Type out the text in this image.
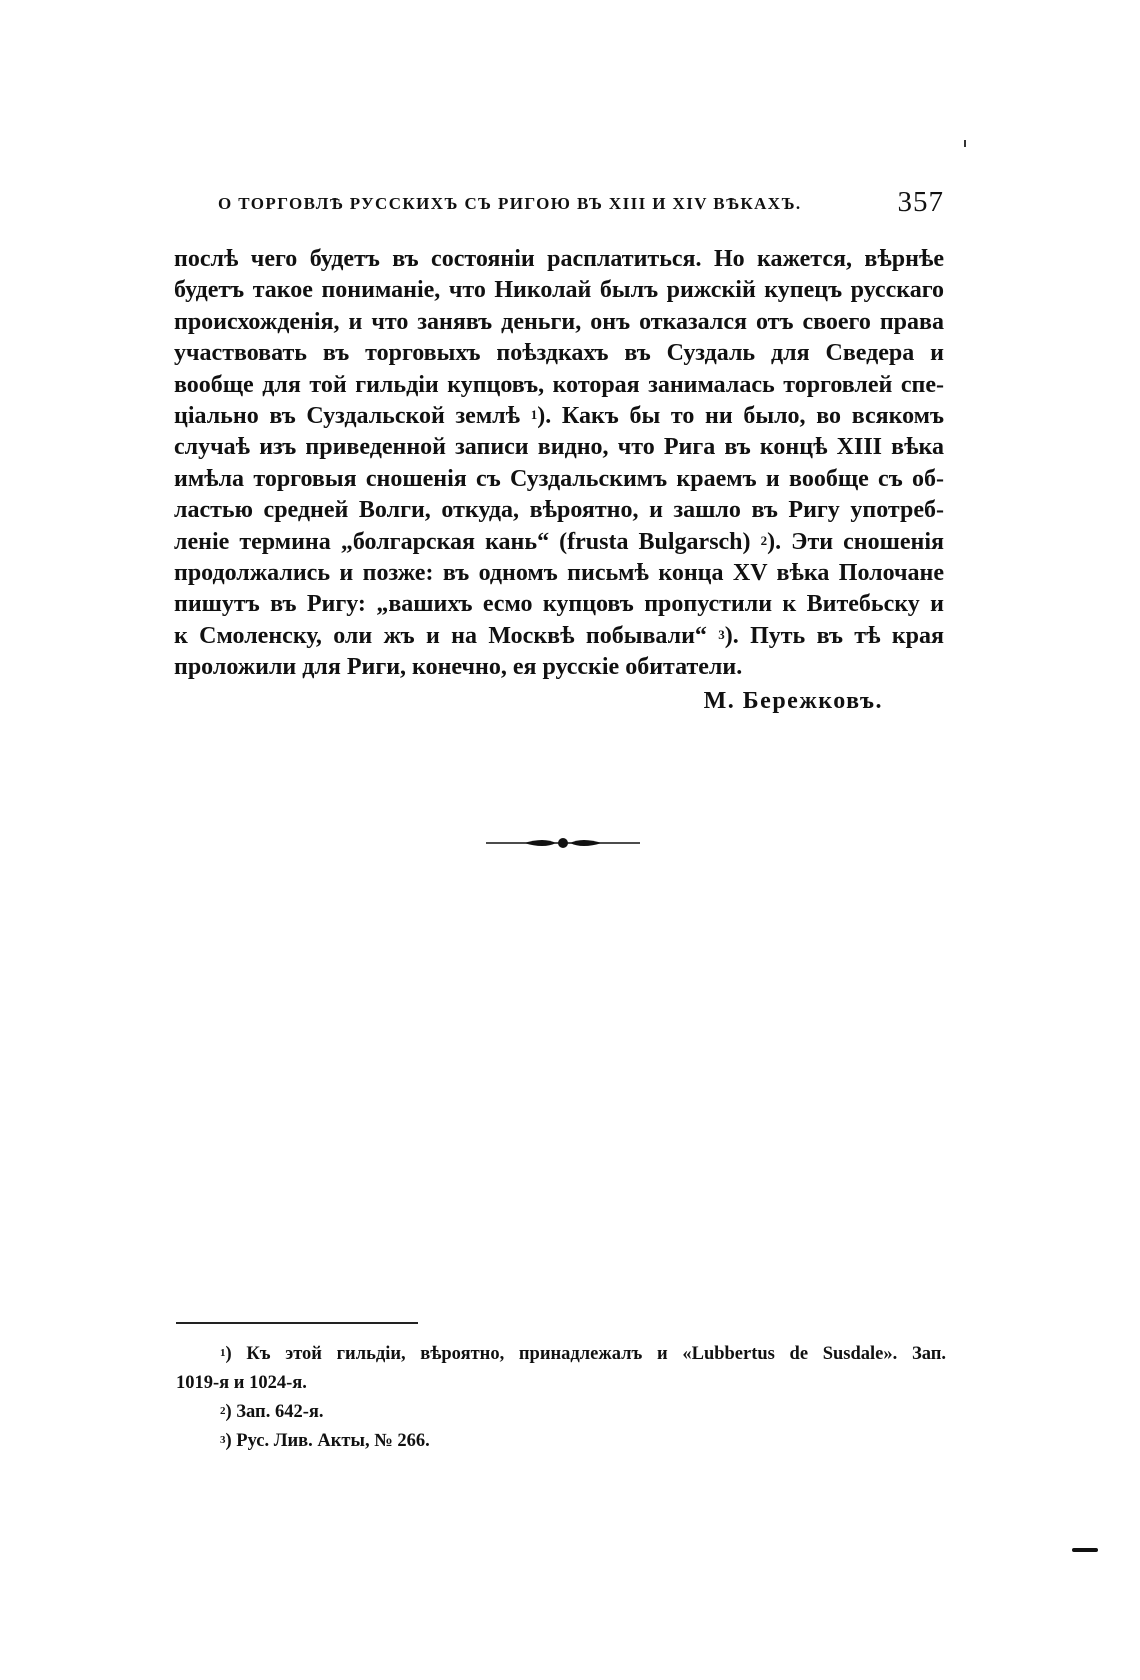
О ТОРГОВЛѢ РУССКИХЪ СЪ РИГОЮ ВЪ XIII И XIV ВѢКАХЪ.	357
послѣ чего будетъ въ состоянiи расплатиться. Но кажется, вѣрнѣе
будетъ такое пониманiе, что Николай былъ рижскiй купецъ русскаго
происхожденiя, и что занявъ деньги, онъ отказался отъ своего права
участвовать въ торговыхъ поѣздкахъ въ Суздаль для Сведера и
вообще для той гильдiи купцовъ, которая занималась торговлей спе-
цiально въ Суздальской землѣ $^1$). Какъ бы то ни было, во всякомъ
случаѣ изъ приведенной записи видно, что Рига въ концѣ XIII вѣка
имѣла торговыя сношенiя съ Суздальскимъ краемъ и вообще съ об-
ластью средней Волги, откуда, вѣроятно, и зашло въ Ригу употреб-
ленiе термина „болгарская кань“ (frusta Bulgarsch) $^2$). Эти сношенiя
продолжались и позже: въ одномъ письмѣ конца XV вѣка Полочане
пишутъ въ Ригу: „вашихъ есмо купцовъ пропустили к Витебьску и
к Смоленску, оли жъ и на Москвѣ побывали“ $^3$). Путь въ тѣ края
проложили для Риги, конечно, ея русскiе обитатели.
М. Бережковъ.
$^1$) Къ этой гильдiи, вѣроятно, принадлежалъ и «Lubbertus de Susdale». Зап.
1019-я и 1024-я.
$^2$) Зап. 642-я.
$^3$) Рус. Лив. Акты, № 266.
